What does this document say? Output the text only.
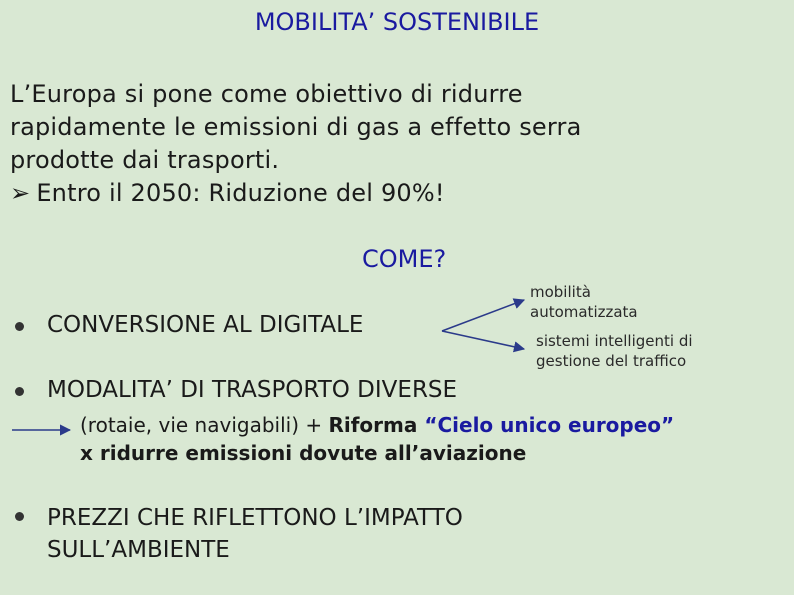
MOBILITA’ SOSTENIBILE
L’Europa si pone come obiettivo di ridurre
rapidamente le emissioni di gas a effetto serra
prodotte dai trasporti.
➢ Entro il 2050: Riduzione del 90%!
COME?
CONVERSIONE AL DIGITALE
mobilità
automatizzata
sistemi intelligenti di
gestione del traffico
MODALITA’ DI TRASPORTO DIVERSE
(rotaie, vie navigabili) + Riforma “Cielo unico europeo”
x ridurre emissioni dovute all’aviazione
PREZZI CHE RIFLETTONO L’IMPATTO
SULL’AMBIENTE
